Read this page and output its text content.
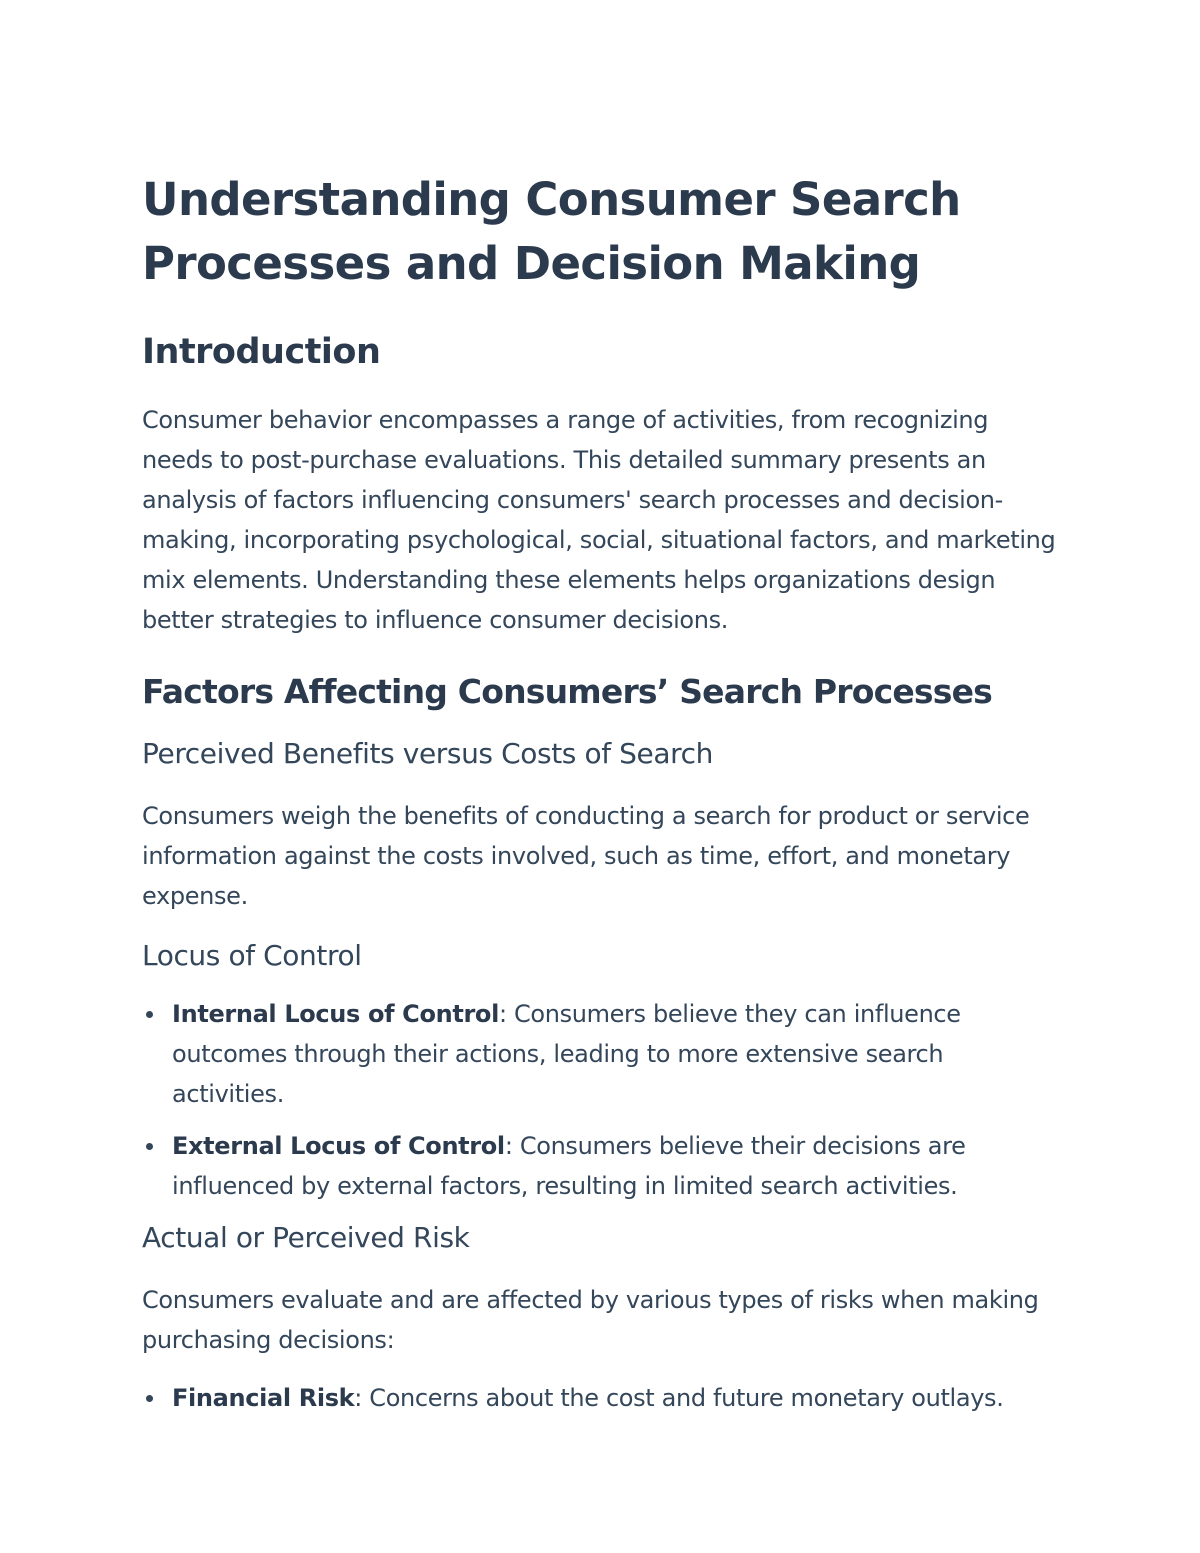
Understanding Consumer Search Processes and Decision Making
Introduction

Consumer behavior encompasses a range of activities, from recognizing needs to post-purchase evaluations. This detailed summary presents an analysis of factors influencing consumers' search processes and decision-making, incorporating psychological, social, situational factors, and marketing mix elements. Understanding these elements helps organizations design better strategies to influence consumer decisions.

Factors Affecting Consumers’ Search Processes
Perceived Benefits versus Costs of Search

Consumers weigh the benefits of conducting a search for product or service information against the costs involved, such as time, effort, and monetary expense.

Locus of Control
Internal Locus of Control: Consumers believe they can influence outcomes through their actions, leading to more extensive search activities.
External Locus of Control: Consumers believe their decisions are influenced by external factors, resulting in limited search activities.
Actual or Perceived Risk

Consumers evaluate and are affected by various types of risks when making purchasing decisions:

Financial Risk: Concerns about the cost and future monetary outlays.
